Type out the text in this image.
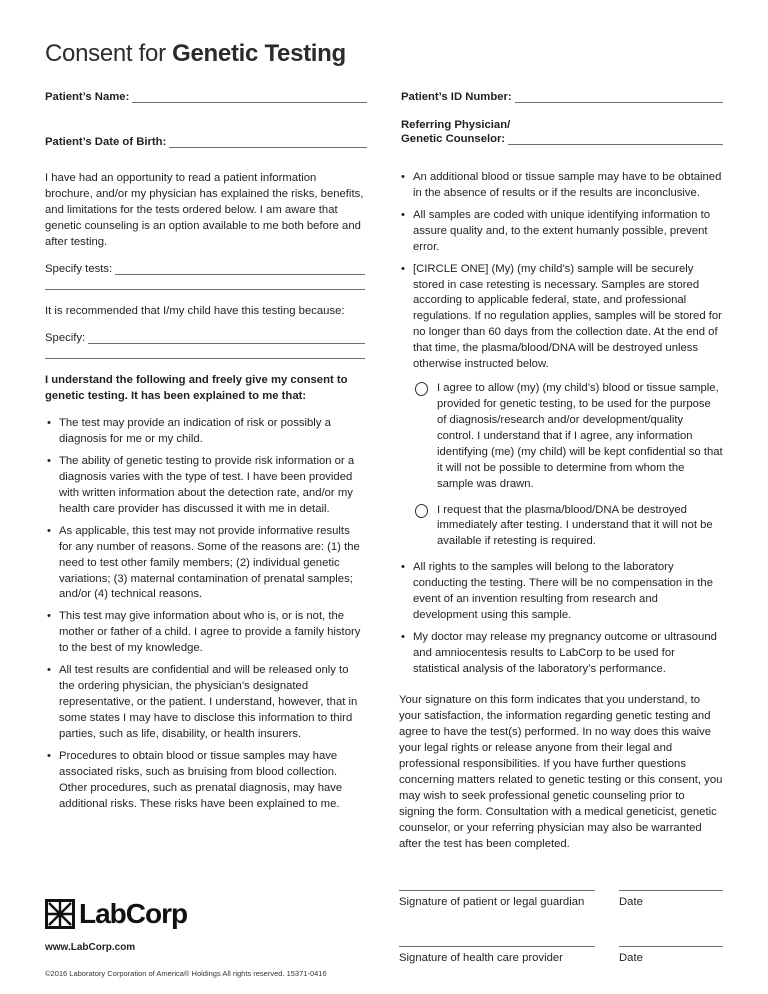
Consent for Genetic Testing
Patient’s Name:
Patient’s Date of Birth:
Patient’s ID Number:
Referring Physician/
Genetic Counselor:

I have had an opportunity to read a patient information brochure, and/or my physician has explained the risks, benefits, and limitations for the tests ordered below. I am aware that genetic counseling is an option available to me both before and after testing.

Specify tests:

It is recommended that I/my child have this testing because:

Specify:

I understand the following and freely give my consent to genetic testing. It has been explained to me that:

• The test may provide an indication of risk or possibly a diagnosis for me or my child.
• The ability of genetic testing to provide risk information or a diagnosis varies with the type of test. I have been provided with written information about the detection rate, and/or my health care provider has discussed it with me in detail.
• As applicable, this test may not provide informative results for any number of reasons. Some of the reasons are: (1) the need to test other family members; (2) individual genetic variations; (3) maternal contamination of prenatal samples; and/or (4) technical reasons.
• This test may give information about who is, or is not, the mother or father of a child. I agree to provide a family history to the best of my knowledge.
• All test results are confidential and will be released only to the ordering physician, the physician’s designated representative, or the patient. I understand, however, that in some states I may have to disclose this information to third parties, such as life, disability, or health insurers.
• Procedures to obtain blood or tissue samples may have associated risks, such as bruising from blood collection. Other procedures, such as prenatal diagnosis, may have additional risks. These risks have been explained to me.
• An additional blood or tissue sample may have to be obtained in the absence of results or if the results are inconclusive.
• All samples are coded with unique identifying information to assure quality and, to the extent humanly possible, prevent error.
• [CIRCLE ONE] (My) (my child’s) sample will be securely stored in case retesting is necessary. Samples are stored according to applicable federal, state, and professional regulations. If no regulation applies, samples will be stored for no longer than 60 days from the collection date. At the end of that time, the plasma/blood/DNA will be destroyed unless otherwise instructed below.
I agree to allow (my) (my child’s) blood or tissue sample, provided for genetic testing, to be used for the purpose of diagnosis/research and/or development/quality control. I understand that if I agree, any information identifying (me) (my child) will be kept confidential so that it will not be possible to determine from whom the sample was drawn.
I request that the plasma/blood/DNA be destroyed immediately after testing. I understand that it will not be available if retesting is required.
• All rights to the samples will belong to the laboratory conducting the testing. There will be no compensation in the event of an invention resulting from research and development using this sample.
• My doctor may release my pregnancy outcome or ultrasound and amniocentesis results to LabCorp to be used for statistical analysis of the laboratory’s performance.

Your signature on this form indicates that you understand, to your satisfaction, the information regarding genetic testing and agree to have the test(s) performed. In no way does this waive your legal rights or release anyone from their legal and professional responsibilities. If you have further questions concerning matters related to genetic testing or this consent, you may wish to seek professional genetic counseling prior to signing the form. Consultation with a medical geneticist, genetic counselor, or your referring physician may also be warranted after the test has been completed.

Signature of patient or legal guardian	Date
Signature of health care provider	Date
LabCorp
www.LabCorp.com
©2016 Laboratory Corporation of America® Holdings All rights reserved. 15371-0416
